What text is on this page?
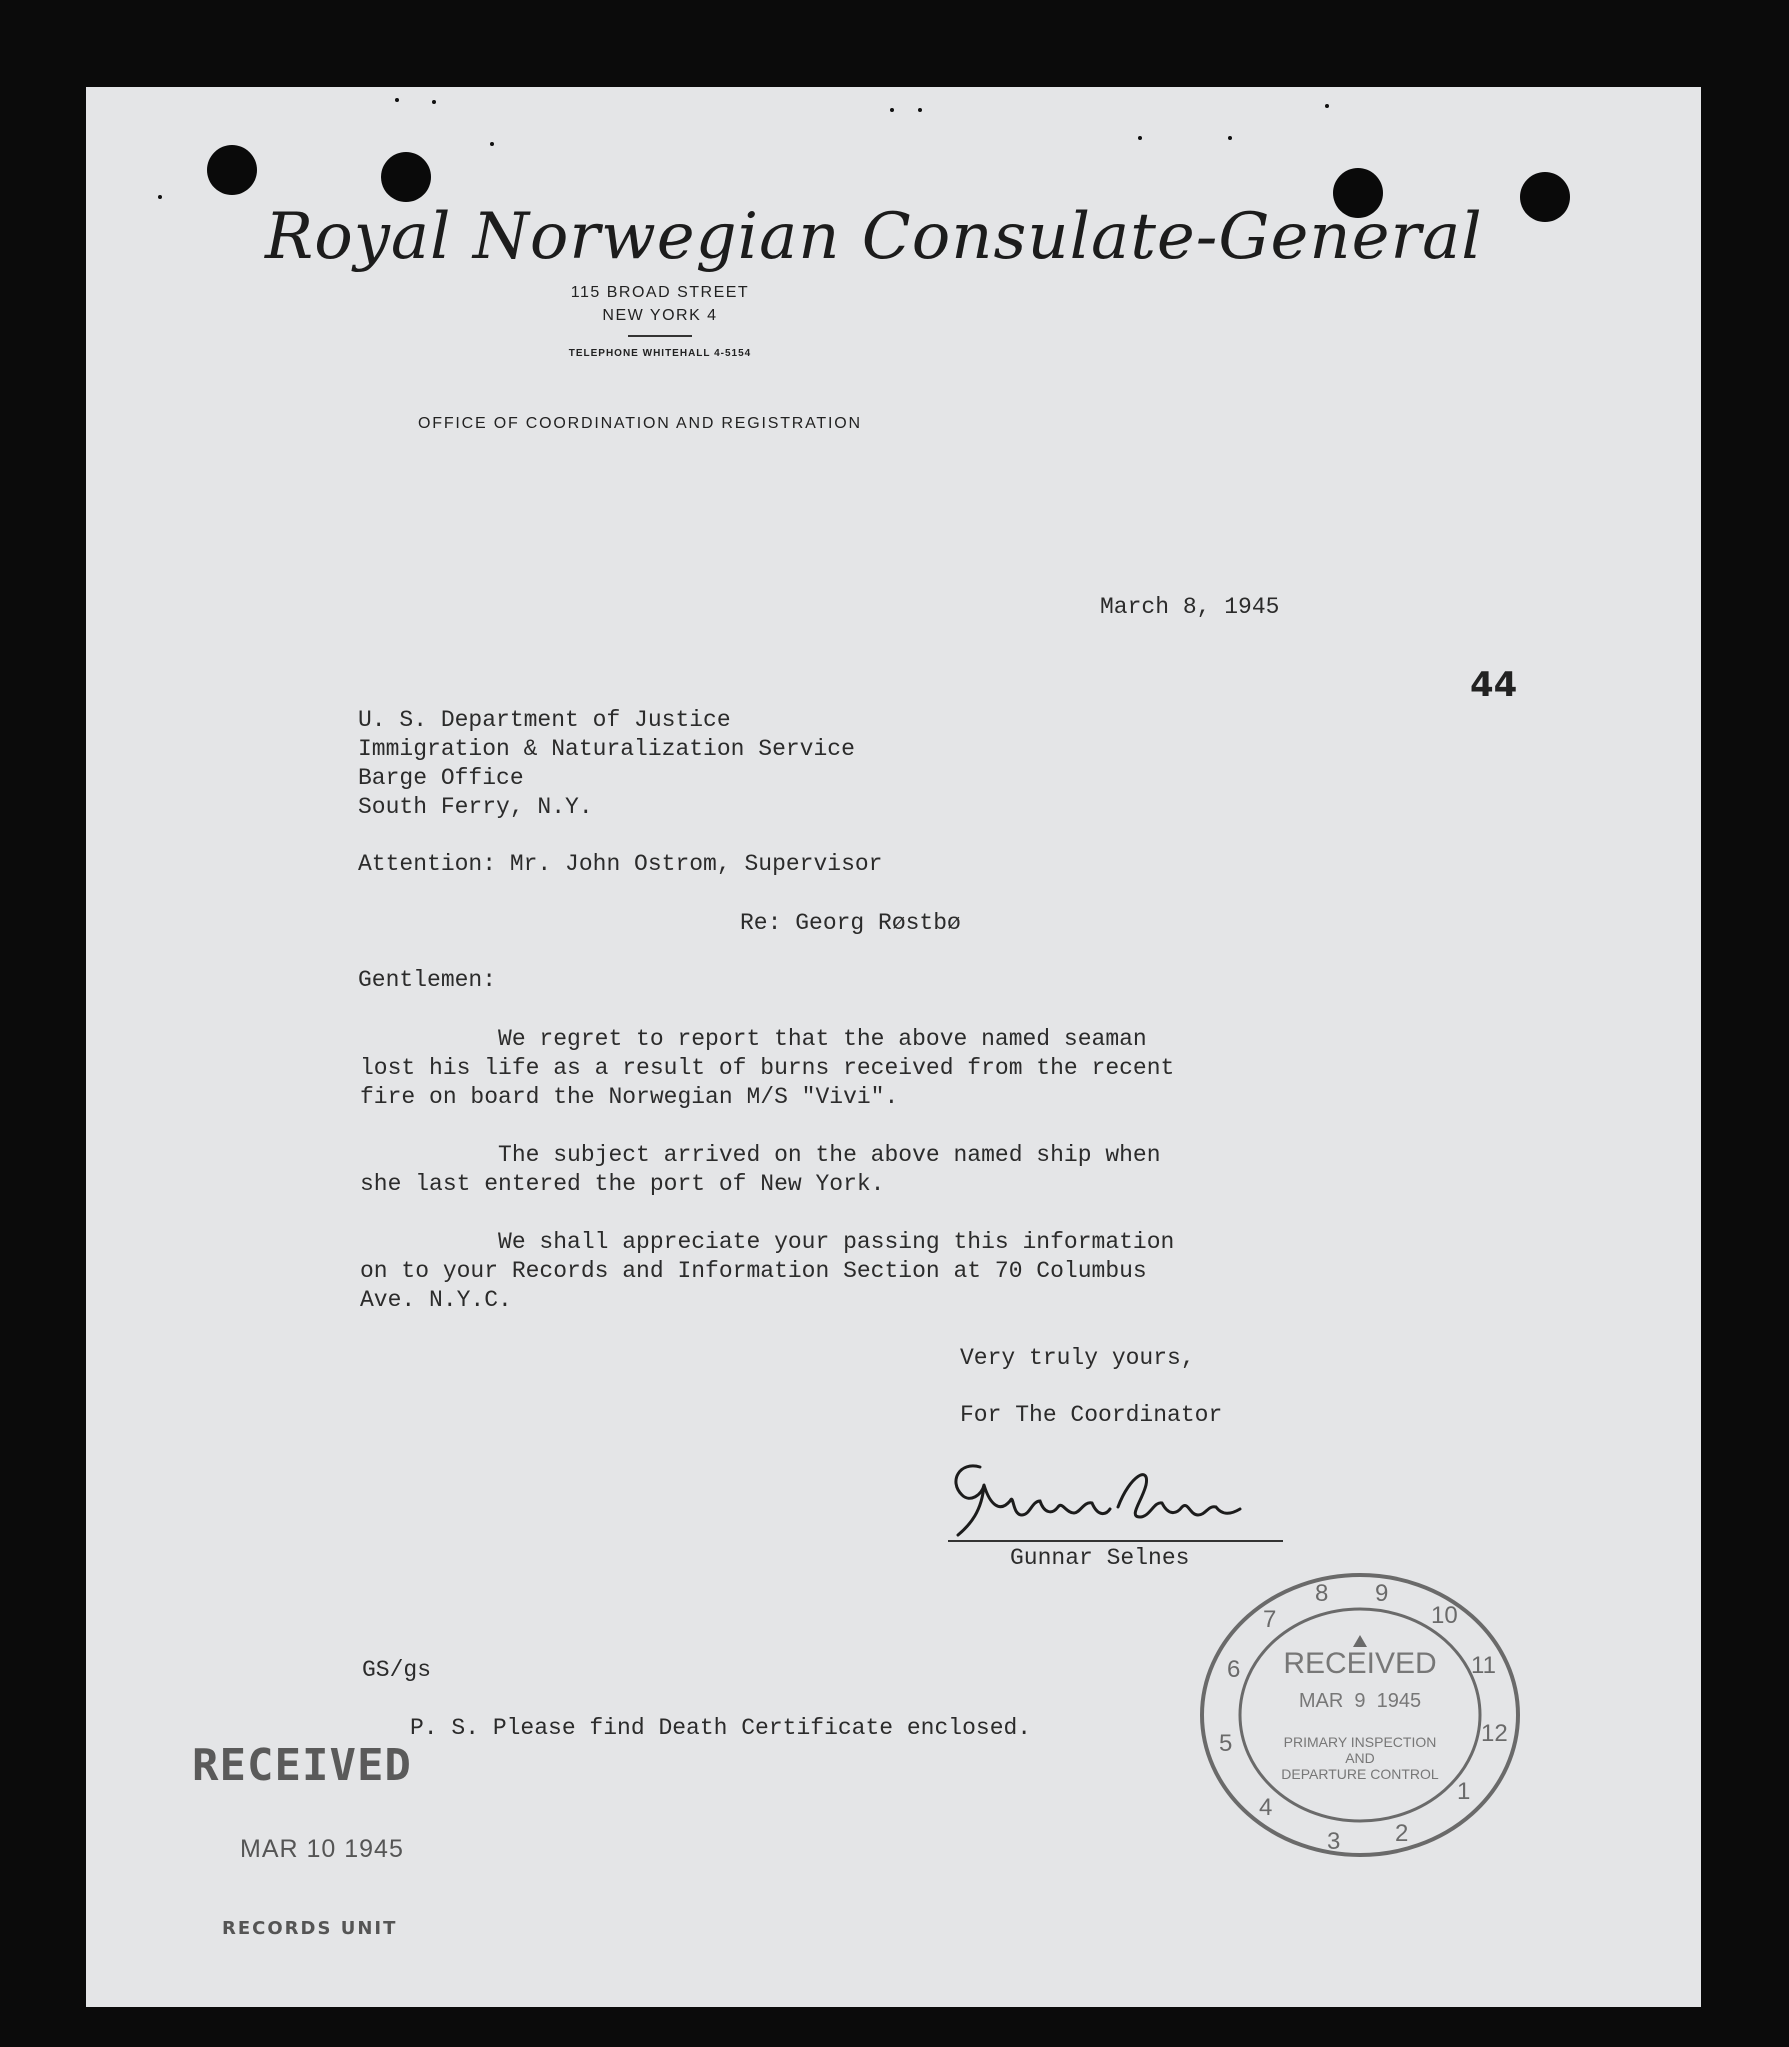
Royal Norwegian Consulate-General
115 BROAD STREET
NEW YORK 4
TELEPHONE WHITEHALL 4-5154
OFFICE OF COORDINATION AND REGISTRATION
March 8, 1945
44
U. S. Department of Justice
Immigration & Naturalization Service
Barge Office
South Ferry, N.Y.
Attention: Mr. John Ostrom, Supervisor
Re: Georg Røstbø
Gentlemen:
We regret to report that the above named seaman
lost his life as a result of burns received from the recent
fire on board the Norwegian M/S "Vivi".
The subject arrived on the above named ship when
she last entered the port of New York.
We shall appreciate your passing this information
on to your Records and Information Section at 70 Columbus
Ave. N.Y.C.
Very truly yours,
For The Coordinator
Gunnar Selnes
GS/gs
P. S. Please find Death Certificate enclosed.
RECEIVED
MAR 10 1945
RECORDS UNIT
6
7
8 9
10
11
12
1
2
3
4
5
RECEIVED
MAR  9  1945
PRIMARY INSPECTION
AND
DEPARTURE CONTROL
